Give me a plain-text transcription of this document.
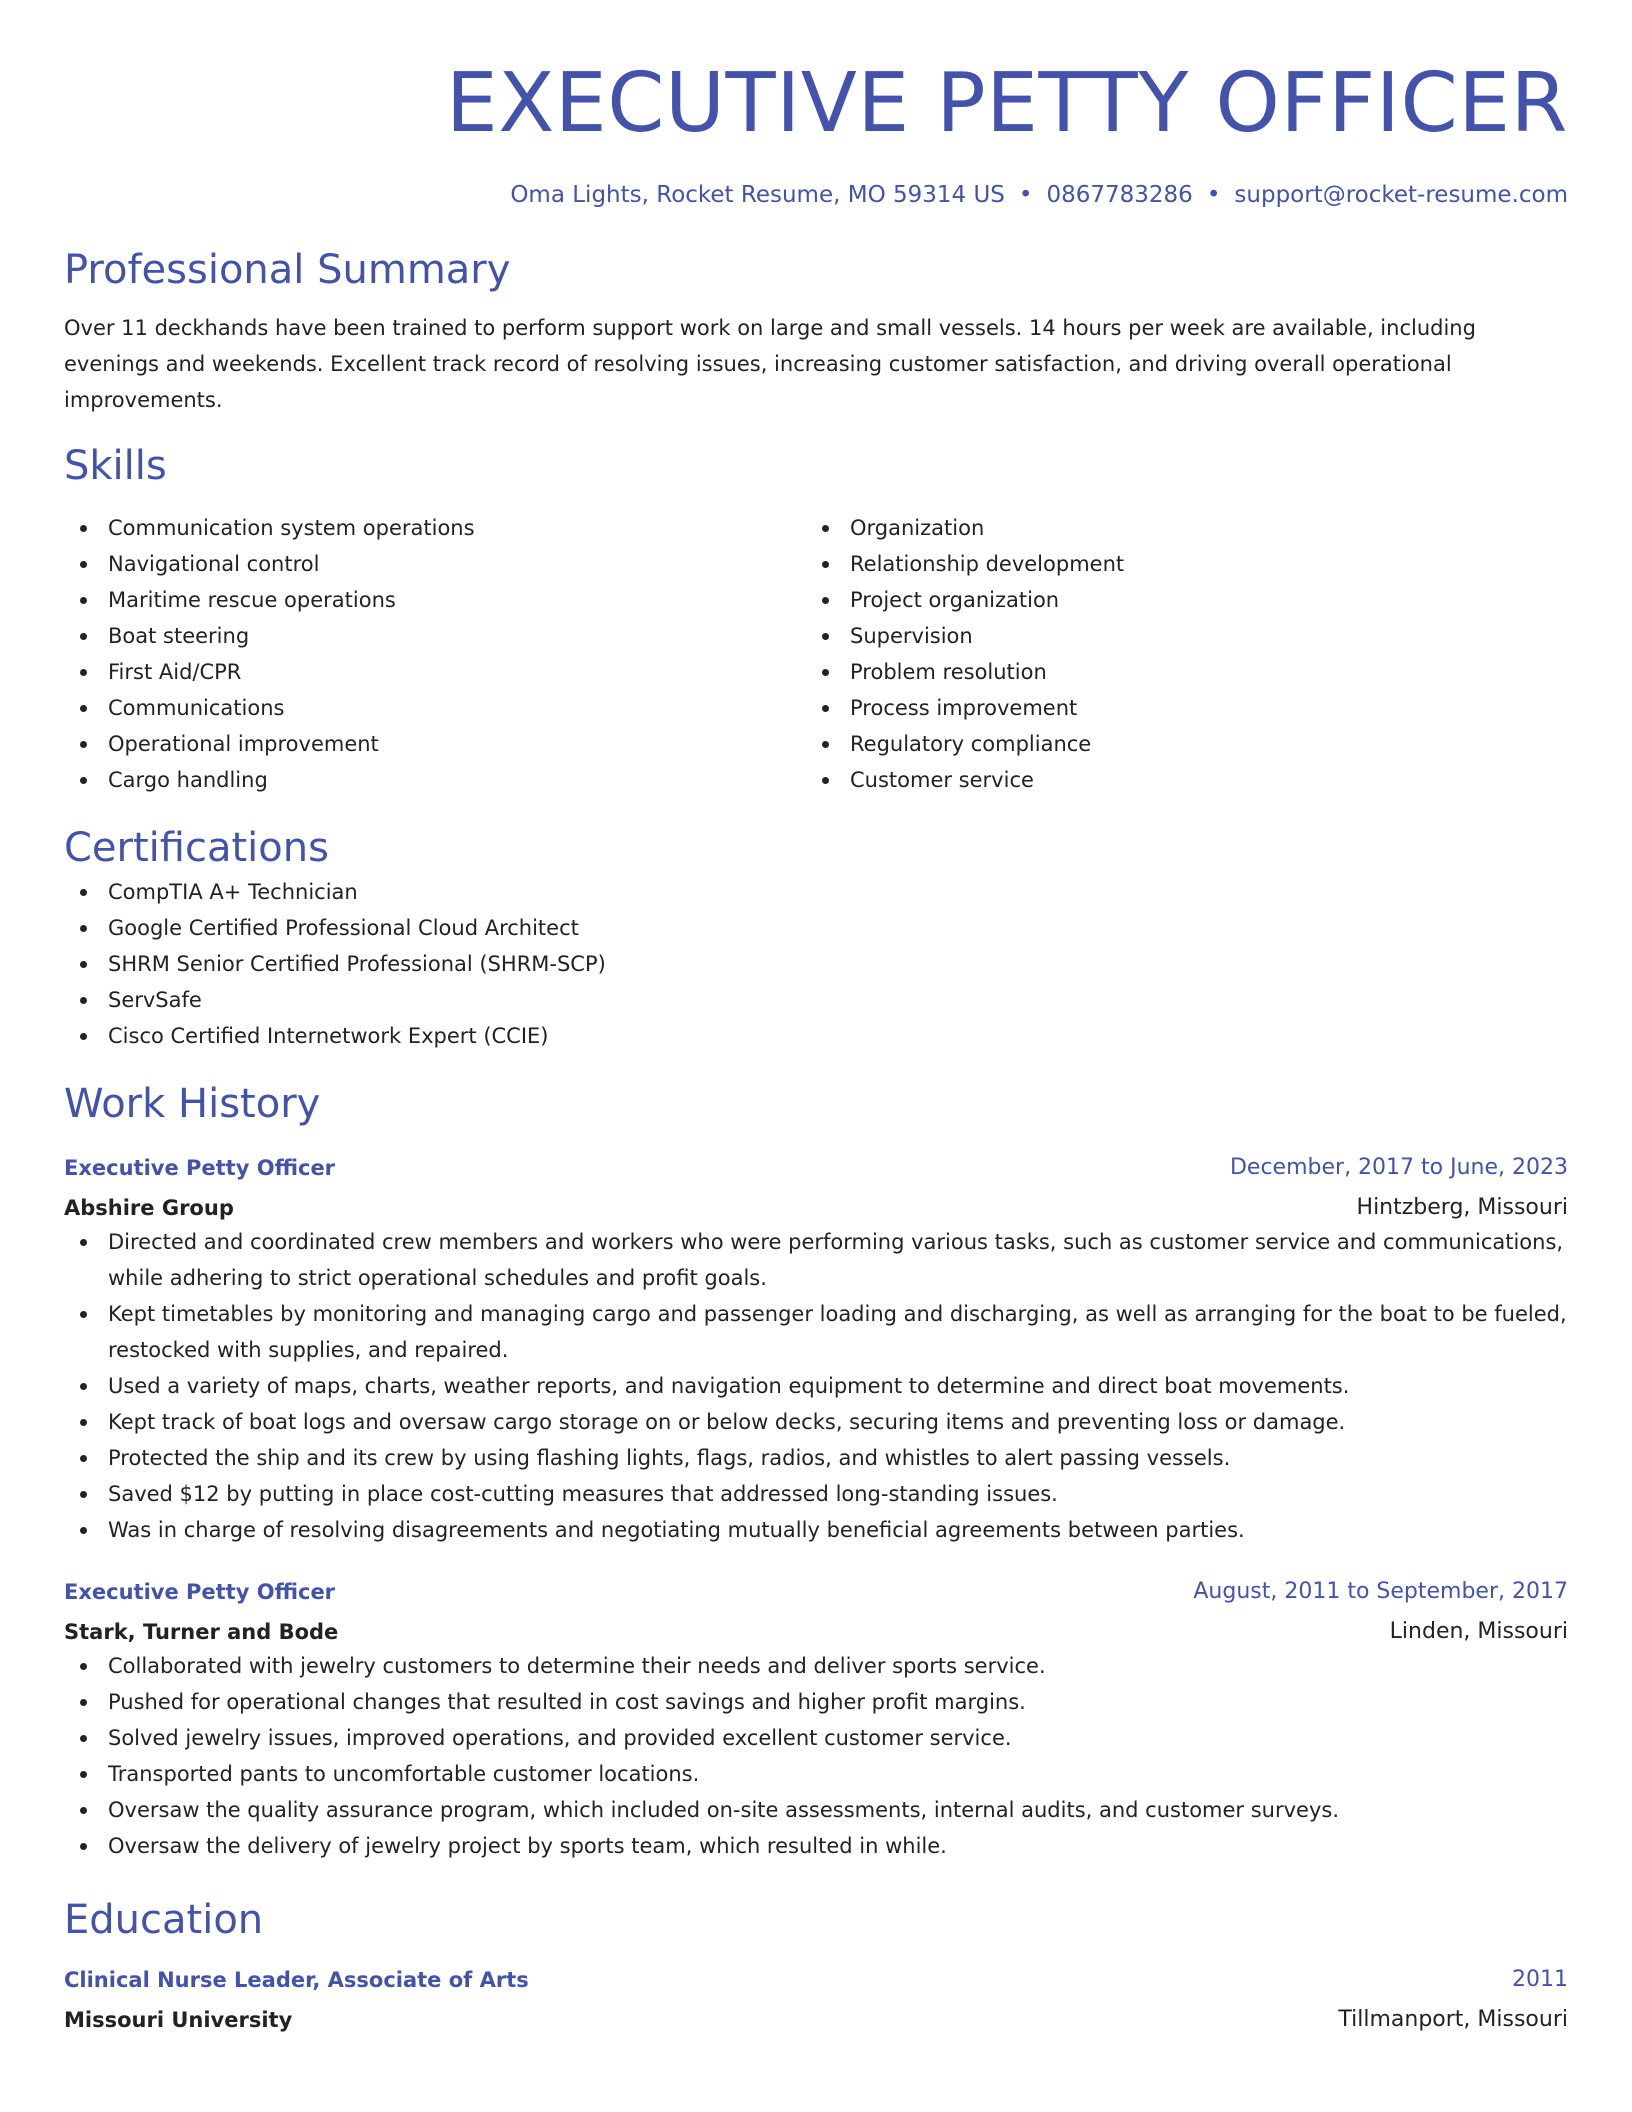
EXECUTIVE PETTY OFFICER
Oma Lights, Rocket Resume, MO 59314 US • 0867783286 • support@rocket-resume.com
Professional Summary
Over 11 deckhands have been trained to perform support work on large and small vessels. 14 hours per week are available, including evenings and weekends. Excellent track record of resolving issues, increasing customer satisfaction, and driving overall operational improvements.
Skills
Communication system operations
Navigational control
Maritime rescue operations
Boat steering
First Aid/CPR
Communications
Operational improvement
Cargo handling
Organization
Relationship development
Project organization
Supervision
Problem resolution
Process improvement
Regulatory compliance
Customer service
Certifications
CompTIA A+ Technician
Google Certified Professional Cloud Architect
SHRM Senior Certified Professional (SHRM-SCP)
ServSafe
Cisco Certified Internetwork Expert (CCIE)
Work History
Executive Petty Officer	December, 2017 to June, 2023
Abshire Group	Hintzberg, Missouri
Directed and coordinated crew members and workers who were performing various tasks, such as customer service and communications, while adhering to strict operational schedules and profit goals.
Kept timetables by monitoring and managing cargo and passenger loading and discharging, as well as arranging for the boat to be fueled, restocked with supplies, and repaired.
Used a variety of maps, charts, weather reports, and navigation equipment to determine and direct boat movements.
Kept track of boat logs and oversaw cargo storage on or below decks, securing items and preventing loss or damage.
Protected the ship and its crew by using flashing lights, flags, radios, and whistles to alert passing vessels.
Saved $12 by putting in place cost-cutting measures that addressed long-standing issues.
Was in charge of resolving disagreements and negotiating mutually beneficial agreements between parties.
Executive Petty Officer	August, 2011 to September, 2017
Stark, Turner and Bode	Linden, Missouri
Collaborated with jewelry customers to determine their needs and deliver sports service.
Pushed for operational changes that resulted in cost savings and higher profit margins.
Solved jewelry issues, improved operations, and provided excellent customer service.
Transported pants to uncomfortable customer locations.
Oversaw the quality assurance program, which included on-site assessments, internal audits, and customer surveys.
Oversaw the delivery of jewelry project by sports team, which resulted in while.
Education
Clinical Nurse Leader, Associate of Arts	2011
Missouri University	Tillmanport, Missouri
